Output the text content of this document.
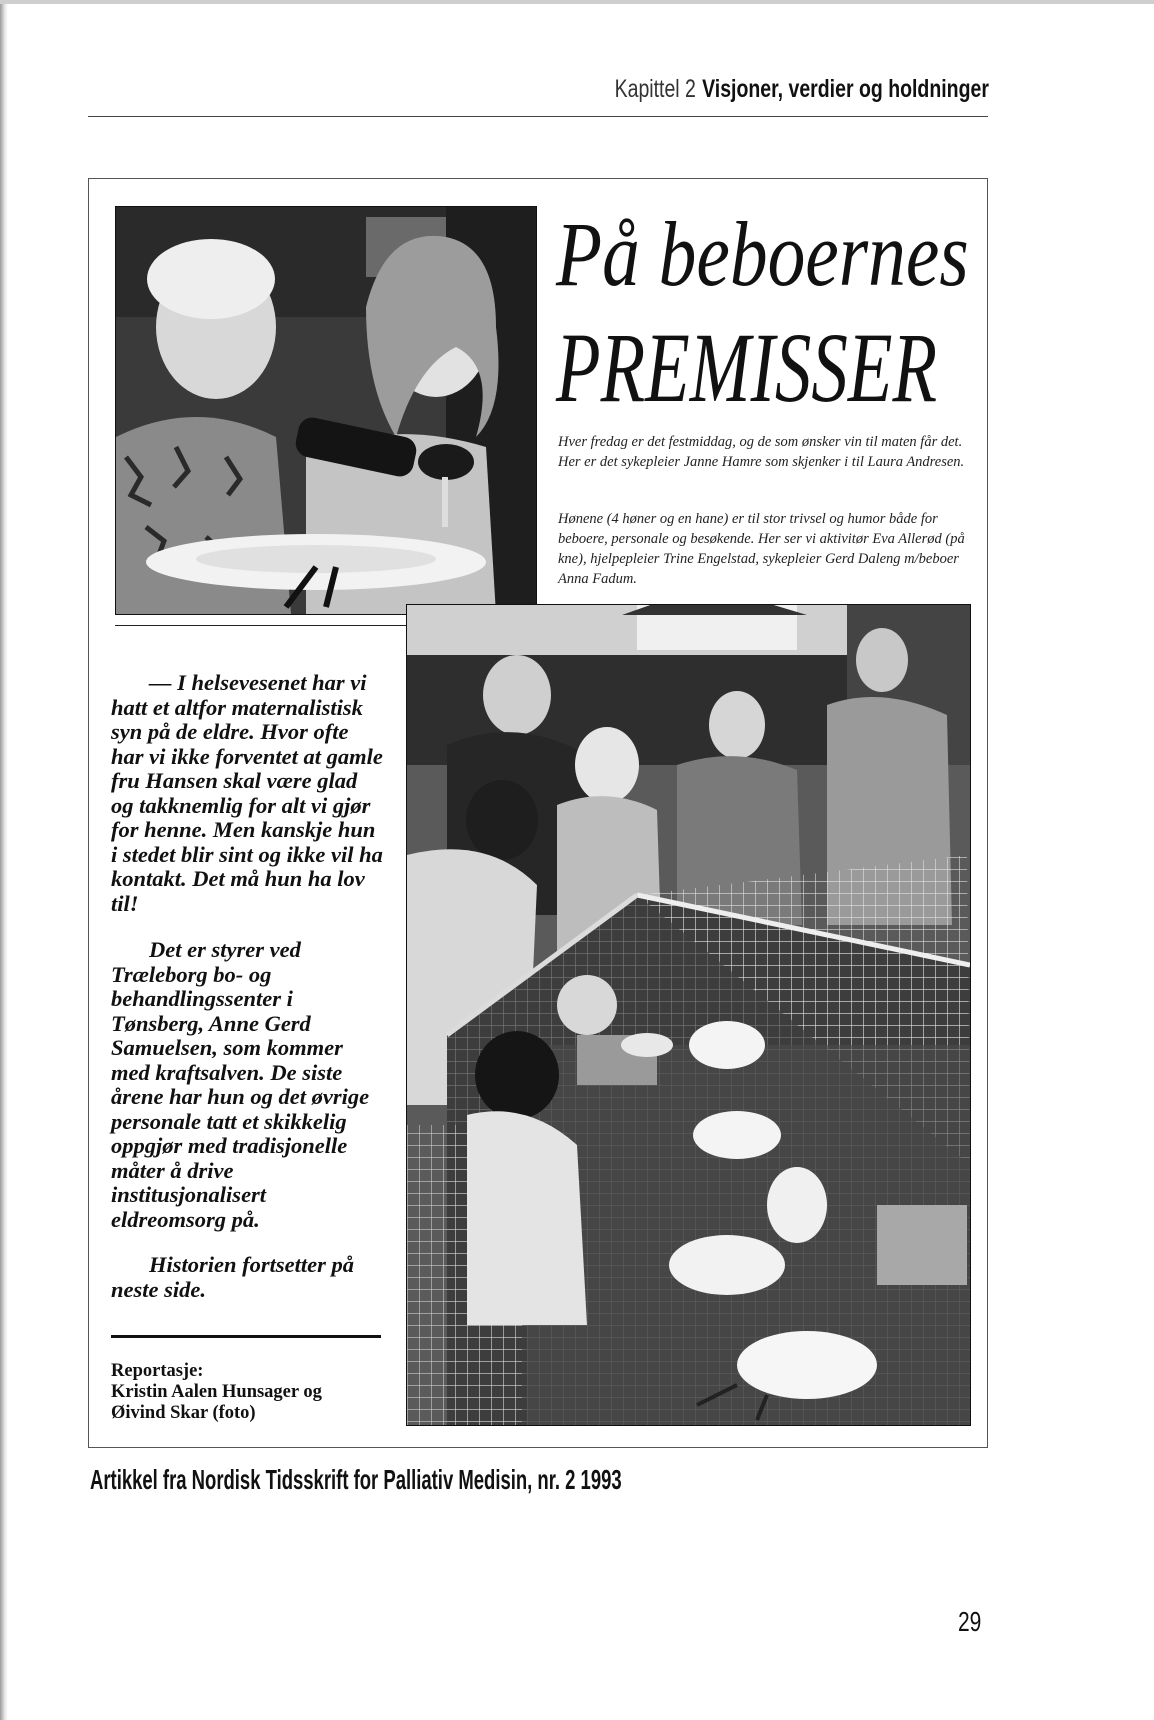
Kapittel 2 Visjoner, verdier og holdninger
På beboernes
PREMISSER
Hver fredag er det festmiddag, og de som ønsker vin til maten får det. Her er det sykepleier Janne Hamre som skjenker i til Laura Andresen.
Hønene (4 høner og en hane) er til stor trivsel og humor både for beboere, personale og besøkende. Her ser vi aktivitør Eva Allerød (på kne), hjelpepleier Trine Engelstad, sykepleier Gerd Daleng m/beboer Anna Fadum.

— I helsevesenet har vi hatt et altfor maternalistisk syn på de eldre. Hvor ofte har vi ikke forventet at gamle fru Hansen skal være glad og takknemlig for alt vi gjør for henne. Men kanskje hun i stedet blir sint og ikke vil ha kontakt. Det må hun ha lov til!

Det er styrer ved Træleborg bo- og behandlingssenter i Tønsberg, Anne Gerd Samuelsen, som kommer med kraftsalven. De siste årene har hun og det øvrige personale tatt et skikkelig oppgjør med tradisjonelle måter å drive institusjonalisert eldreomsorg på.

Historien fortsetter på neste side.

Reportasje:
Kristin Aalen Hunsager og
Øivind Skar (foto)
Artikkel fra Nordisk Tidsskrift for Palliativ Medisin, nr. 2 1993
29
